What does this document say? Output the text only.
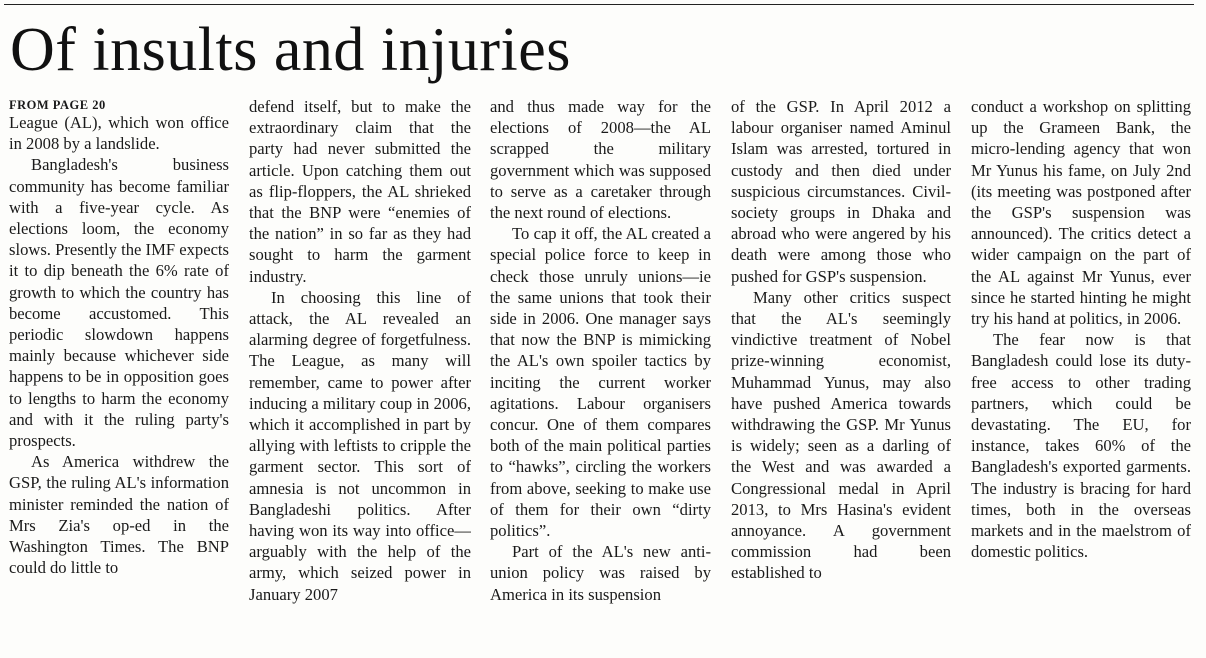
Of insults and injuries
FROM PAGE 20

League (AL), which won office in 2008 by a landslide.

Bangladesh's business community has become familiar with a five-year cycle. As elections loom, the economy slows. Presently the IMF expects it to dip beneath the 6% rate of growth to which the country has become accustomed. This periodic slowdown happens mainly because whichever side happens to be in opposition goes to lengths to harm the economy and with it the ruling party's prospects.

As America withdrew the GSP, the ruling AL's information minister reminded the nation of Mrs Zia's op-ed in the Washington Times. The BNP could do little to

defend itself, but to make the extraordinary claim that the party had never submitted the article. Upon catching them out as flip-floppers, the AL shrieked that the BNP were “enemies of the nation” in so far as they had sought to harm the garment industry.

In choosing this line of attack, the AL revealed an alarming degree of forgetfulness. The League, as many will remember, came to power after inducing a military coup in 2006, which it accomplished in part by allying with leftists to cripple the garment sector. This sort of amnesia is not uncommon in Bangladeshi politics. After having won its way into office—arguably with the help of the army, which seized power in January 2007

and thus made way for the elections of 2008—the AL scrapped the military government which was supposed to serve as a caretaker through the next round of elections.

To cap it off, the AL created a special police force to keep in check those unruly unions—ie the same unions that took their side in 2006. One manager says that now the BNP is mimicking the AL's own spoiler tactics by inciting the current worker agitations. Labour organisers concur. One of them compares both of the main political parties to “hawks”, circling the workers from above, seeking to make use of them for their own “dirty politics”.

Part of the AL's new anti-union policy was raised by America in its suspension

of the GSP. In April 2012 a labour organiser named Aminul Islam was arrested, tortured in custody and then died under suspicious circumstances. Civil-society groups in Dhaka and abroad who were angered by his death were among those who pushed for GSP's suspension.

Many other critics suspect that the AL's seemingly vindictive treatment of Nobel prize-winning economist, Muhammad Yunus, may also have pushed America towards withdrawing the GSP. Mr Yunus is widely; seen as a darling of the West and was awarded a Congressional medal in April 2013, to Mrs Hasina's evident annoyance. A government commission had been established to

conduct a workshop on splitting up the Grameen Bank, the micro-lending agency that won Mr Yunus his fame, on July 2nd (its meeting was postponed after the GSP's suspension was announced). The critics detect a wider campaign on the part of the AL against Mr Yunus, ever since he started hinting he might try his hand at politics, in 2006.

The fear now is that Bangladesh could lose its duty-free access to other trading partners, which could be devastating. The EU, for instance, takes 60% of the Bangladesh's exported garments. The industry is bracing for hard times, both in the overseas markets and in the maelstrom of domestic politics.
